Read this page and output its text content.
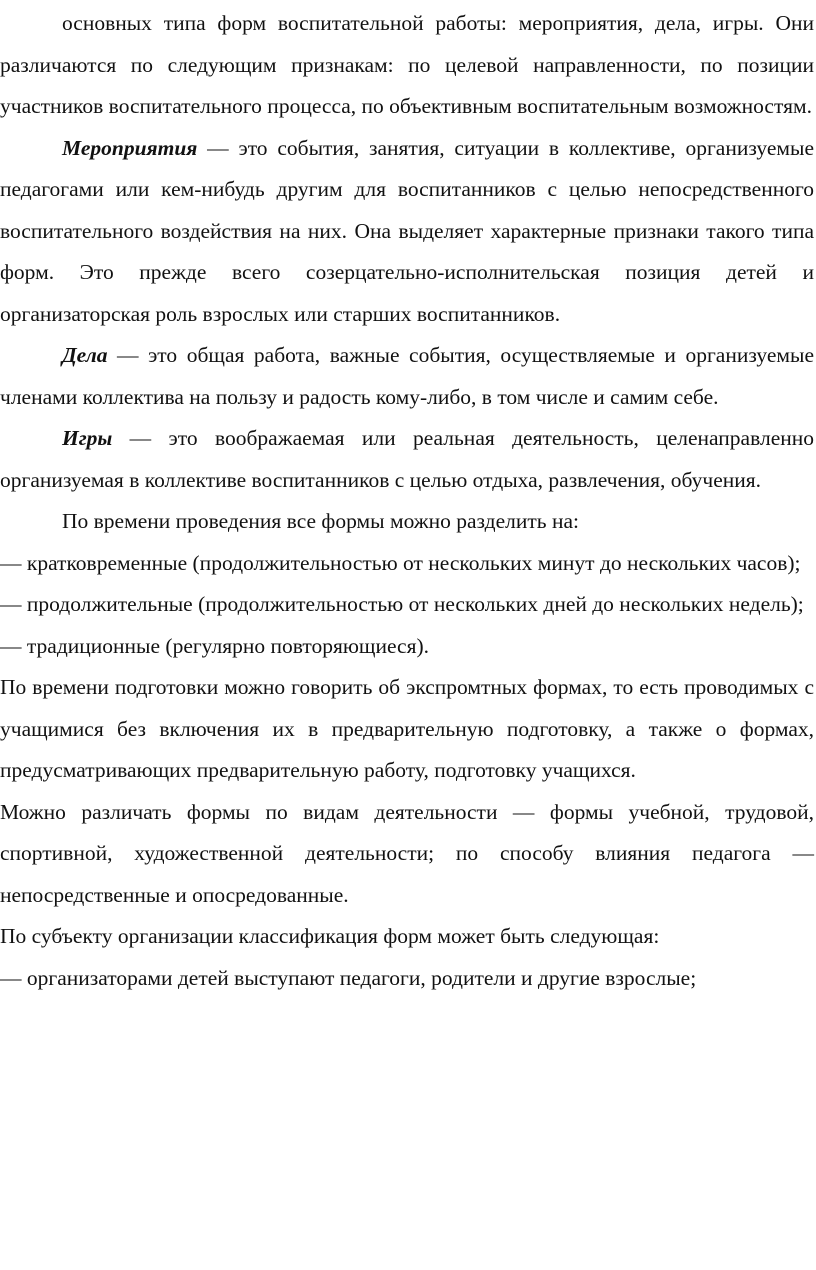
основных типа форм воспитательной работы: мероприятия, дела, игры. Они различаются по следующим признакам: по целевой направленности, по позиции участников воспитательного процесса, по объективным воспитательным возможностям.

Мероприятия — это события, занятия, ситуации в коллективе, организуемые педагогами или кем-нибудь другим для воспитанников с целью непосредственного воспитательного воздействия на них. Она выделяет характерные признаки такого типа форм. Это прежде всего созерцательно-исполнительская позиция детей и организаторская роль взрослых или старших воспитанников.

Дела — это общая работа, важные события, осуществляемые и организуемые членами коллектива на пользу и радость кому-либо, в том числе и самим себе.

Игры — это воображаемая или реальная деятельность, целенаправленно организуемая в коллективе воспитанников с целью отдыха, развлечения, обучения.

По времени проведения все формы можно разделить на:

— кратковременные (продолжительностью от нескольких минут до нескольких часов);

— продолжительные (продолжительностью от нескольких дней до нескольких недель);

— традиционные (регулярно повторяющиеся).

По времени подготовки можно говорить об экспромтных формах, то есть проводимых с учащимися без включения их в предварительную подготовку, а также о формах, предусматривающих предварительную работу, подготовку учащихся.

Можно различать формы по видам деятельности — формы учебной, трудовой, спортивной, художественной деятельности; по способу влияния педагога — непосредственные и опосредованные.

По субъекту организации классификация форм может быть следующая:

— организаторами детей выступают педагоги, родители и другие взрослые;
